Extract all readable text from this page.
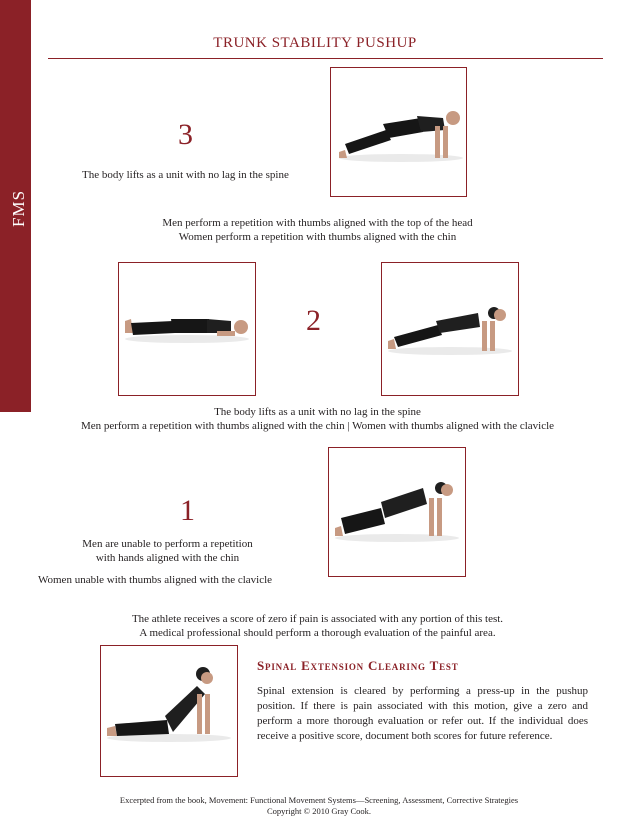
FMS
TRUNK STABILITY PUSHUP
3
The body lifts as a unit with no lag in the spine
Men perform a repetition with thumbs aligned with the top of the head
Women perform a repetition with thumbs aligned with the chin
2
The body lifts as a unit with no lag in the spine
Men perform a repetition with thumbs aligned with the chin | Women with thumbs aligned with the clavicle
1
Men are unable to perform a repetition
with hands aligned with the chin
Women unable with thumbs aligned with the clavicle
The athlete receives a score of zero if pain is associated with any portion of this test.
A medical professional should perform a thorough evaluation of the painful area.
Spinal Extension Clearing Test
Spinal extension is cleared by performing a press-up in the pushup position. If there is pain associated with this motion, give a zero and perform a more thorough evaluation or refer out. If the individual does receive a positive score, document both scores for future reference.
Excerpted from the book, Movement: Functional Movement Systems—Screening, Assessment, Corrective Strategies
Copyright © 2010 Gray Cook.
